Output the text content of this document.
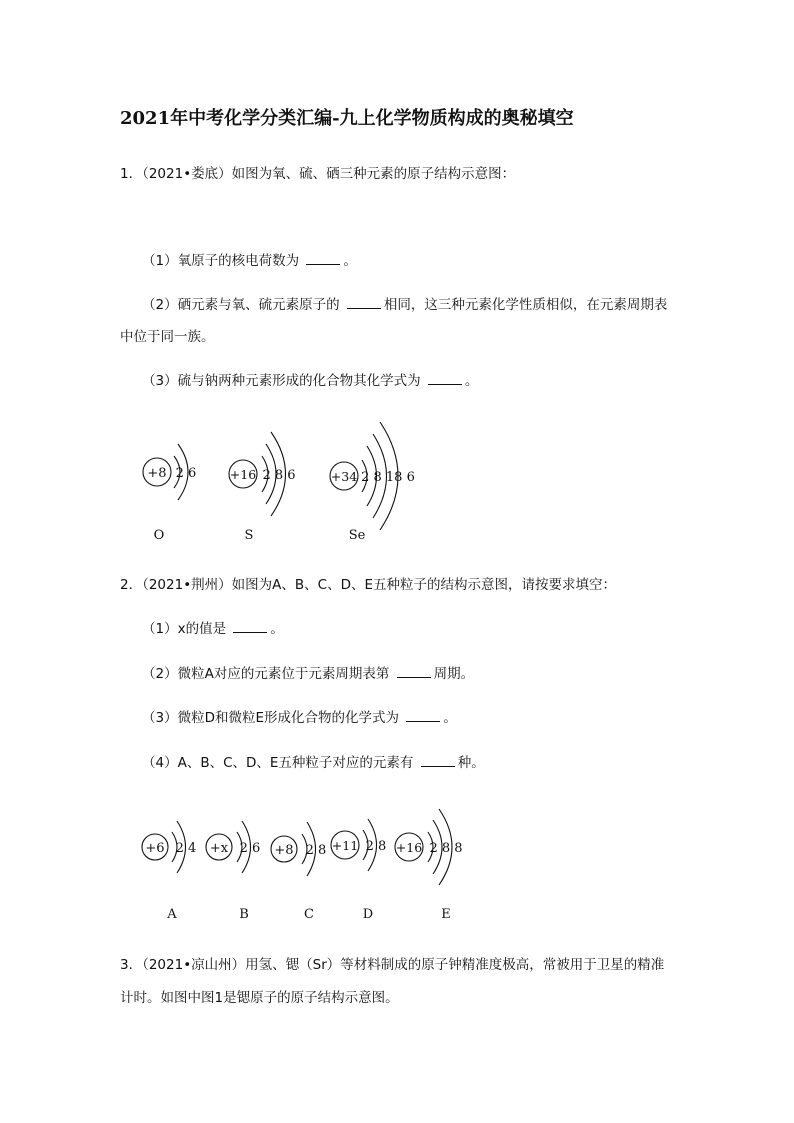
2021年中考化学分类汇编-九上化学物质构成的奥秘填空
1．（2021•娄底）如图为氧、硫、硒三种元素的原子结构示意图：
（1）氧原子的核电荷数为	。
（2）硒元素与氧、硫元素原子的	相同，这三种元素化学性质相似，在元素周期表
中位于同一族。
（3）硫与钠两种元素形成的化合物其化学式为	。
+8 2 6
O
+16 2 8 6
S
+34 2 8 18 6
Se
2．（2021•荆州）如图为A、B、C、D、E五种粒子的结构示意图，请按要求填空：
（1）x的值是	。
（2）微粒A对应的元素位于元素周期表第	周期。
（3）微粒D和微粒E形成化合物的化学式为	。
（4）A、B、C、D、E五种粒子对应的元素有	种。
+6 2 4
A
+x 2 6
B
+8 2 8
C
+11 2 8
D
+16 2 8 8
E
3．（2021•凉山州）用氢、锶（Sr）等材料制成的原子钟精准度极高，常被用于卫星的精准
计时。如图中图1是锶原子的原子结构示意图。
